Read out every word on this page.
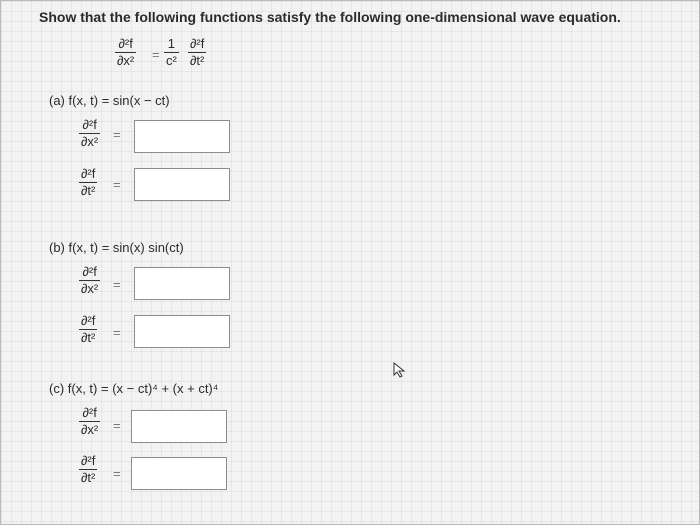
Show that the following functions satisfy the following one-dimensional wave equation.
∂²f
∂x² =
1
c²
∂²f
∂t²
(a) f(x, t) = sin(x − ct)
∂²f
∂x² =
∂²f
∂t² =
(b) f(x, t) = sin(x) sin(ct)
∂²f
∂x² =
∂²f
∂t² =
(c) f(x, t) = (x − ct)⁴ + (x + ct)⁴
∂²f
∂x² =
∂²f
∂t² =
